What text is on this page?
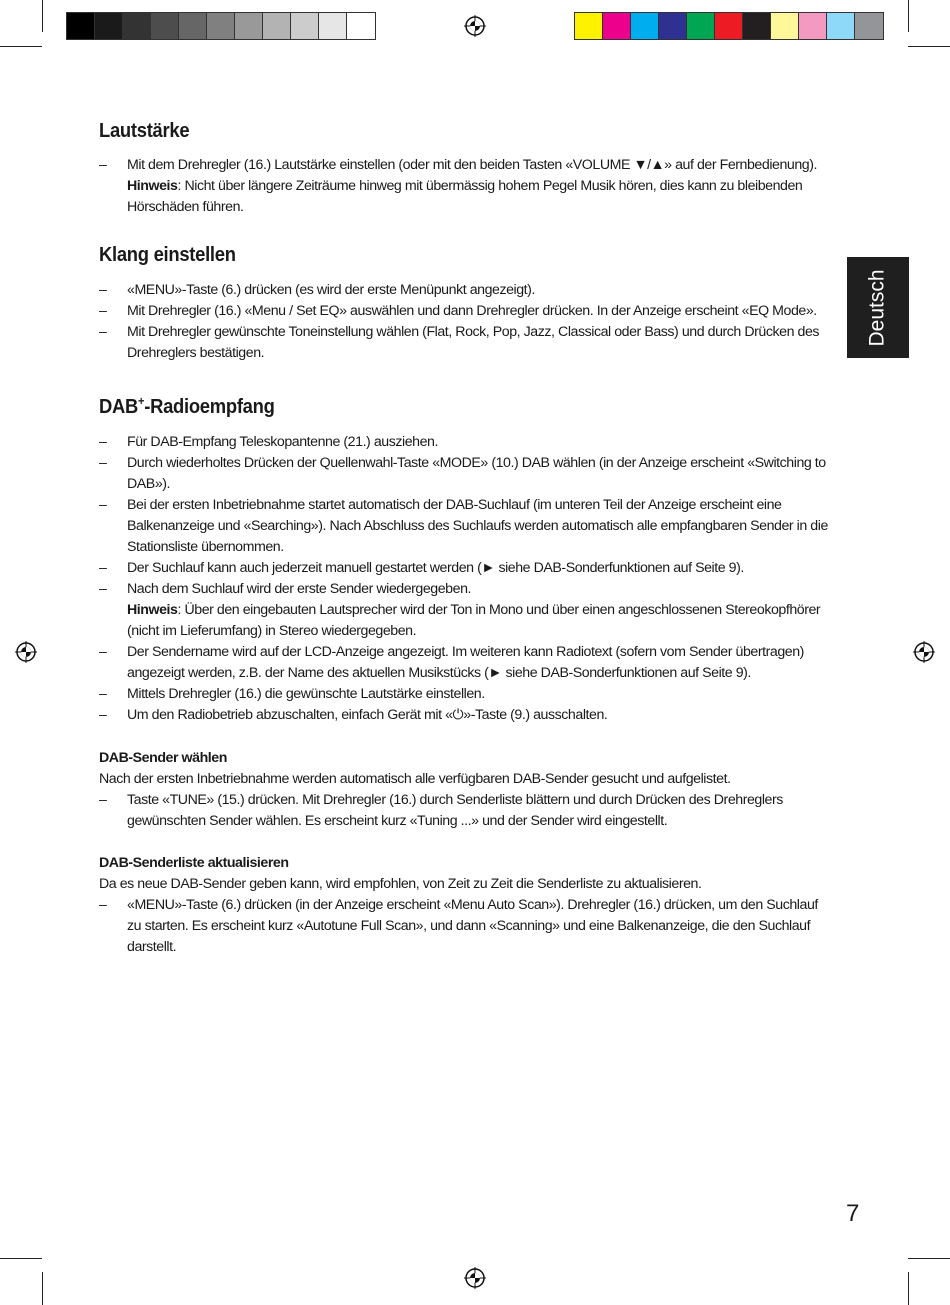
Deutsch
Lautstärke
– Mit dem Drehregler (16.) Lautstärke einstellen (oder mit den beiden Tasten «VOLUME ▼/▲» auf der Fernbedienung).
Hinweis: Nicht über längere Zeiträume hinweg mit übermässig hohem Pegel Musik hören, dies kann zu bleibenden Hörschäden führen.
Klang einstellen
– «MENU»-Taste (6.) drücken (es wird der erste Menüpunkt angezeigt).
– Mit Drehregler (16.) «Menu / Set EQ» auswählen und dann Drehregler drücken. In der Anzeige erscheint «EQ Mode».
– Mit Drehregler gewünschte Toneinstellung wählen (Flat, Rock, Pop, Jazz, Classical oder Bass) und durch Drücken des Drehreglers bestätigen.
DAB+-Radioempfang
– Für DAB-Empfang Teleskopantenne (21.) ausziehen.
– Durch wiederholtes Drücken der Quellenwahl-Taste «MODE» (10.) DAB wählen (in der Anzeige erscheint «Switching to DAB»).
– Bei der ersten Inbetriebnahme startet automatisch der DAB-Suchlauf (im unteren Teil der Anzeige erscheint eine Balkenanzeige und «Searching»). Nach Abschluss des Suchlaufs werden automatisch alle empfangbaren Sender in die Stationsliste übernommen.
– Der Suchlauf kann auch jederzeit manuell gestartet werden (► siehe DAB-Sonderfunktionen auf Seite 9).
– Nach dem Suchlauf wird der erste Sender wiedergegeben.
Hinweis: Über den eingebauten Lautsprecher wird der Ton in Mono und über einen angeschlossenen Stereokopfhörer (nicht im Lieferumfang) in Stereo wiedergegeben.
– Der Sendername wird auf der LCD-Anzeige angezeigt. Im weiteren kann Radiotext (sofern vom Sender übertragen) angezeigt werden, z.B. der Name des aktuellen Musikstücks (► siehe DAB-Sonderfunktionen auf Seite 9).
– Mittels Drehregler (16.) die gewünschte Lautstärke einstellen.
– Um den Radiobetrieb abzuschalten, einfach Gerät mit «⏻»-Taste (9.) ausschalten.

DAB-Sender wählen

Nach der ersten Inbetriebnahme werden automatisch alle verfügbaren DAB-Sender gesucht und aufgelistet.

– Taste «TUNE» (15.) drücken. Mit Drehregler (16.) durch Senderliste blättern und durch Drücken des Drehreglers gewünschten Sender wählen. Es erscheint kurz «Tuning ...» und der Sender wird eingestellt.

DAB-Senderliste aktualisieren

Da es neue DAB-Sender geben kann, wird empfohlen, von Zeit zu Zeit die Senderliste zu aktualisieren.

– «MENU»-Taste (6.) drücken (in der Anzeige erscheint «Menu Auto Scan»). Drehregler (16.) drücken, um den Suchlauf zu starten. Es erscheint kurz «Autotune Full Scan», und dann «Scanning» und eine Balkenanzeige, die den Suchlauf darstellt.
7
